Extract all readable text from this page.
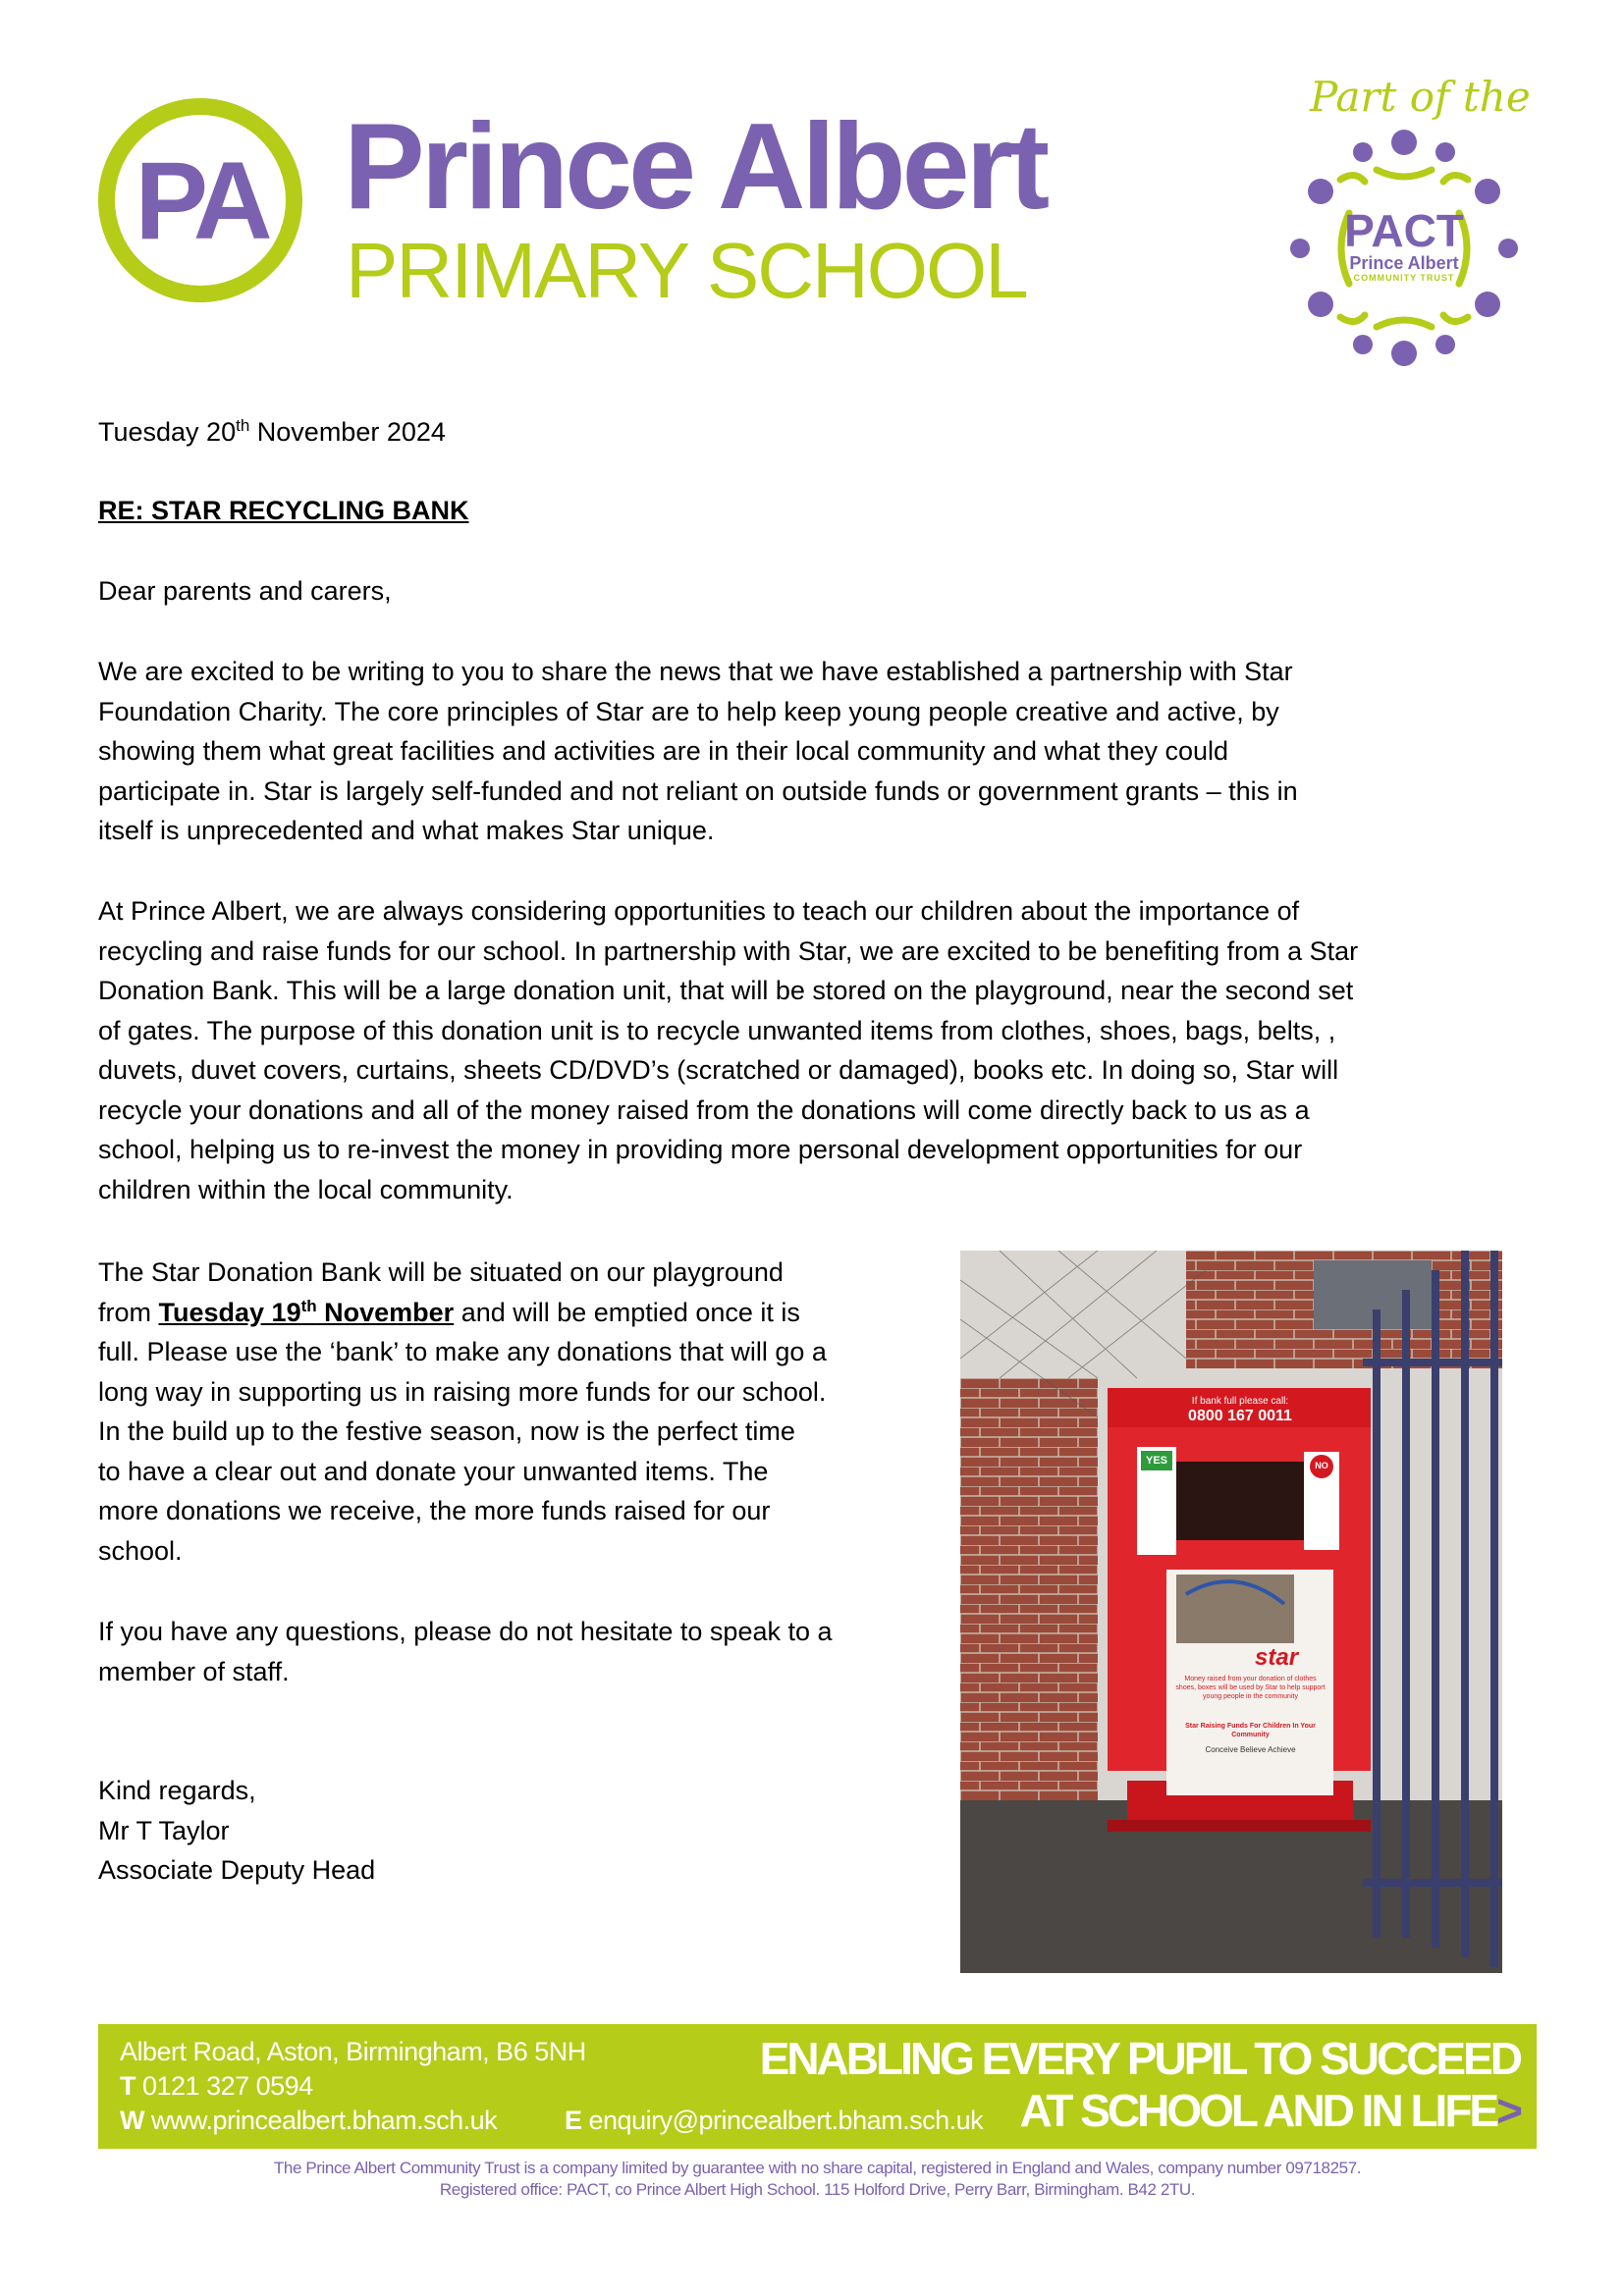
PA Prince Albert
PRIMARY SCHOOL
Part of the
PACT
Prince Albert
COMMUNITY TRUST
Tuesday 20th November 2024
RE: STAR RECYCLING BANK
Dear parents and carers,
We are excited to be writing to you to share the news that we have established a partnership with Star
Foundation Charity. The core principles of Star are to help keep young people creative and active, by
showing them what great facilities and activities are in their local community and what they could
participate in. Star is largely self-funded and not reliant on outside funds or government grants – this in
itself is unprecedented and what makes Star unique.
At Prince Albert, we are always considering opportunities to teach our children about the importance of
recycling and raise funds for our school. In partnership with Star, we are excited to be benefiting from a Star
Donation Bank. This will be a large donation unit, that will be stored on the playground, near the second set
of gates. The purpose of this donation unit is to recycle unwanted items from clothes, shoes, bags, belts, ,
duvets, duvet covers, curtains, sheets CD/DVD’s (scratched or damaged), books etc. In doing so, Star will
recycle your donations and all of the money raised from the donations will come directly back to us as a
school, helping us to re-invest the money in providing more personal development opportunities for our
children within the local community.
The Star Donation Bank will be situated on our playground
from Tuesday 19th November and will be emptied once it is
full. Please use the ‘bank’ to make any donations that will go a
long way in supporting us in raising more funds for our school.
In the build up to the festive season, now is the perfect time
to have a clear out and donate your unwanted items. The
more donations we receive, the more funds raised for our
school.
If you have any questions, please do not hesitate to speak to a
member of staff.
Kind regards,
Mr T Taylor
Associate Deputy Head
If bank full please call:
0800 167 0011
YES	NO
star
Money raised from your donation of clothes shoes, boxes will be used by Star to help support young people in the community
Star Raising Funds For Children In Your Community
Conceive Believe Achieve
Albert Road, Aston, Birmingham, B6 5NH
T 0121 327 0594
W www.princealbert.bham.sch.uk	E enquiry@princealbert.bham.sch.uk
ENABLING EVERY PUPIL TO SUCCEED
AT SCHOOL AND IN LIFE>
The Prince Albert Community Trust is a company limited by guarantee with no share capital, registered in England and Wales, company number 09718257.
Registered office: PACT, co Prince Albert High School. 115 Holford Drive, Perry Barr, Birmingham. B42 2TU.
